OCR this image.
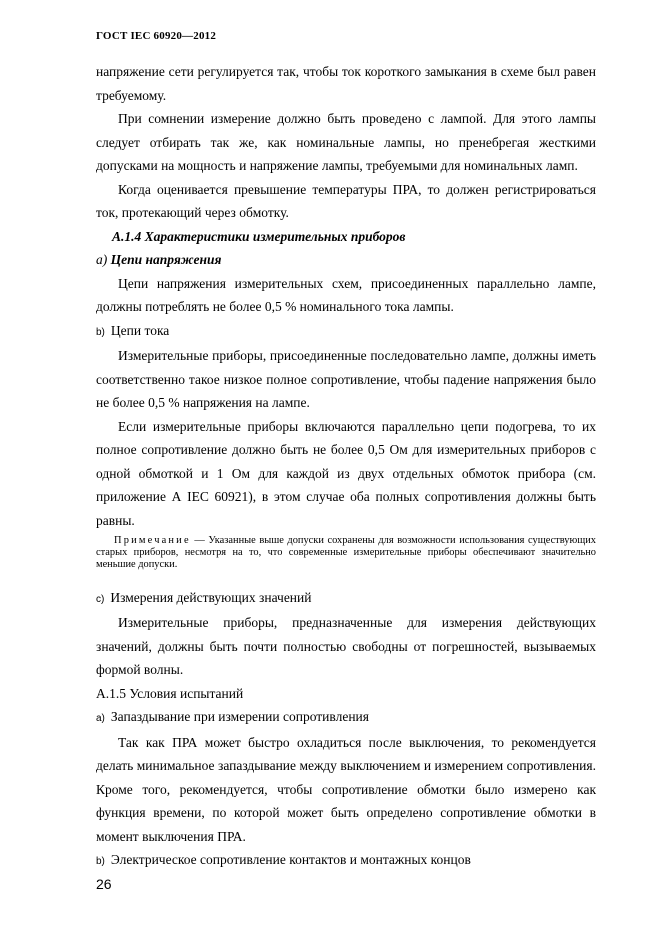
ГОСТ IEC 60920—2012

напряжение сети регулируется так, чтобы ток короткого замыкания в схеме был равен требуемому.

При сомнении измерение должно быть проведено с лампой. Для этого лампы следует отбирать так же, как номинальные лампы, но пренебрегая жесткими допусками на мощность и напряжение лампы, требуемыми для номинальных ламп.

Когда оценивается превышение температуры ПРА, то должен регистрироваться ток, протекающий через обмотку.

А.1.4 Характеристики измерительных приборов

а) Цепи напряжения

Цепи напряжения измерительных схем, присоединенных параллельно лампе, должны потреблять не более 0,5 % номинального тока лампы.

b) Цепи тока

Измерительные приборы, присоединенные последовательно лампе, должны иметь соответственно такое низкое полное сопротивление, чтобы падение напряжения было не более 0,5 % напряжения на лампе.

Если измерительные приборы включаются параллельно цепи подогрева, то их полное сопротивление должно быть не более 0,5 Ом для измерительных приборов с одной обмоткой и 1 Ом для каждой из двух отдельных обмоток прибора (см. приложение А IEC 60921), в этом случае оба полных сопротивления должны быть равны.

Примечание — Указанные выше допуски сохранены для возможности использования существующих старых приборов, несмотря на то, что современные измерительные приборы обеспечивают значительно меньшие допуски.

с) Измерения действующих значений

Измерительные приборы, предназначенные для измерения действующих значений, должны быть почти полностью свободны от погрешностей, вызываемых формой волны.

А.1.5 Условия испытаний

а) Запаздывание при измерении сопротивления

Так как ПРА может быстро охладиться после выключения, то рекомендуется делать минимальное запаздывание между выключением и измерением сопротивления. Кроме того, рекомендуется, чтобы сопротивление обмотки было измерено как функция времени, по которой может быть определено сопротивление обмотки в момент выключения ПРА.

b) Электрическое сопротивление контактов и монтажных концов

26
